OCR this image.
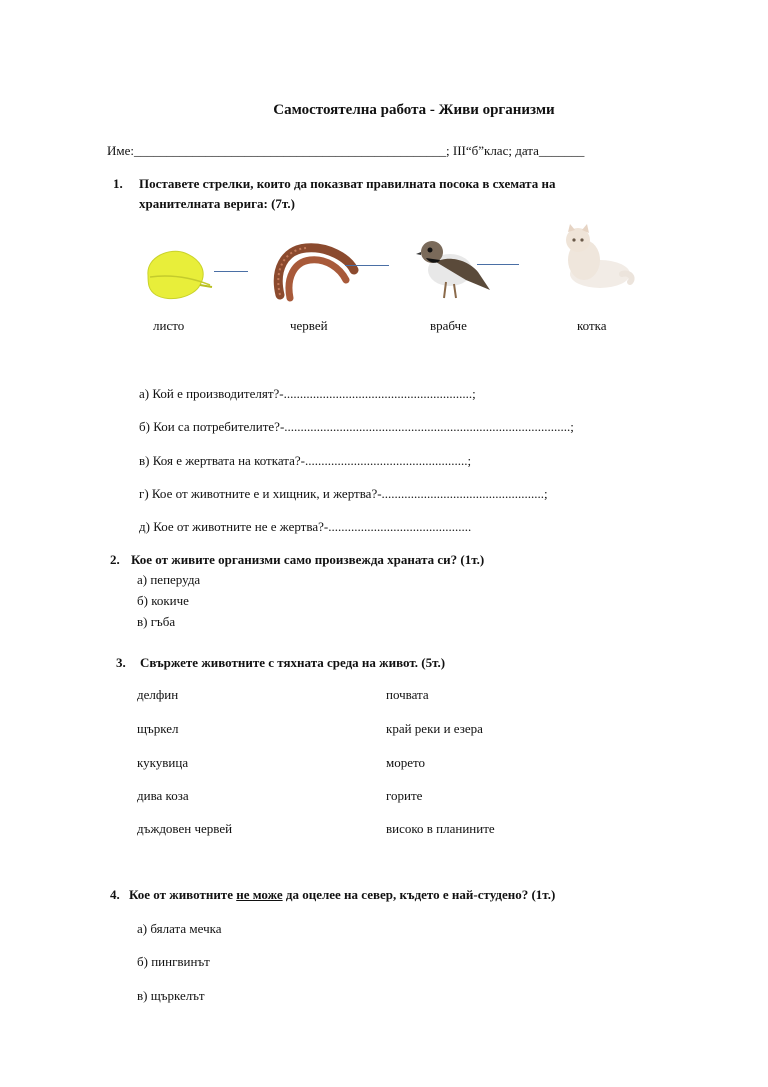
Самостоятелна работа - Живи организми
Име:________________________________________________; III“б”клас; дата_______
1. Поставете стрелки, които да показват правилната посока в схемата на
хранителната верига: (7т.)
листо	червей	врабче	котка
а) Кой е производителят?-..........................................................;
б) Кои са потребителите?-........................................................................................;
в) Коя е жертвата на котката?-..................................................;
г) Кое от животните е и хищник, и жертва?-..................................................;
д) Кое от животните не е жертва?-............................................
2. Кое от живите организми само произвежда храната си? (1т.)
а) пеперуда
б) кокиче
в) гъба
3. Свържете животните с тяхната среда на живот. (5т.)
делфин
щъркел
кукувица
дива коза
дъждовен червей
почвата
край реки и езера
морето
горите
високо в планините
4. Кое от животните не може да оцелее на север, където е най-студено? (1т.)
а) бялата мечка
б) пингвинът
в) щъркелът
